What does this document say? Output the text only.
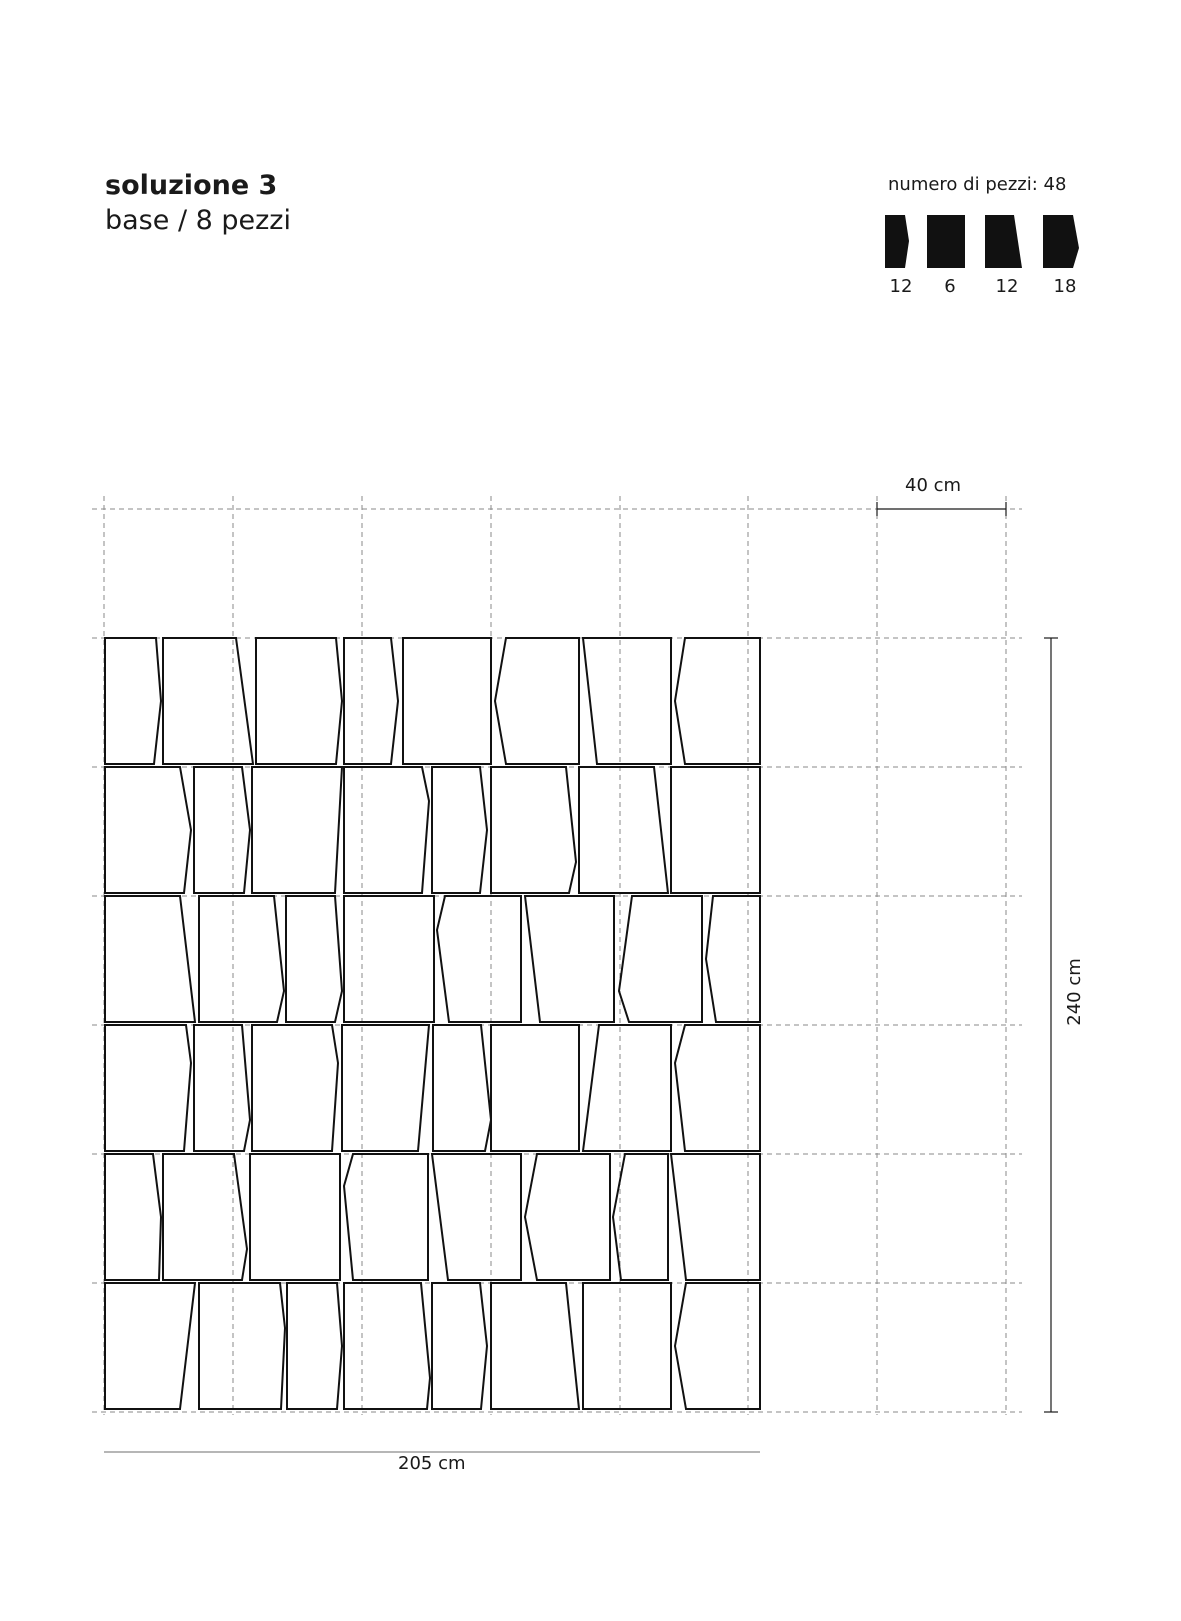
soluzione 3
base / 8 pezzi
numero di pezzi: 48
12	6	12	18
40 cm
205 cm
240 cm
